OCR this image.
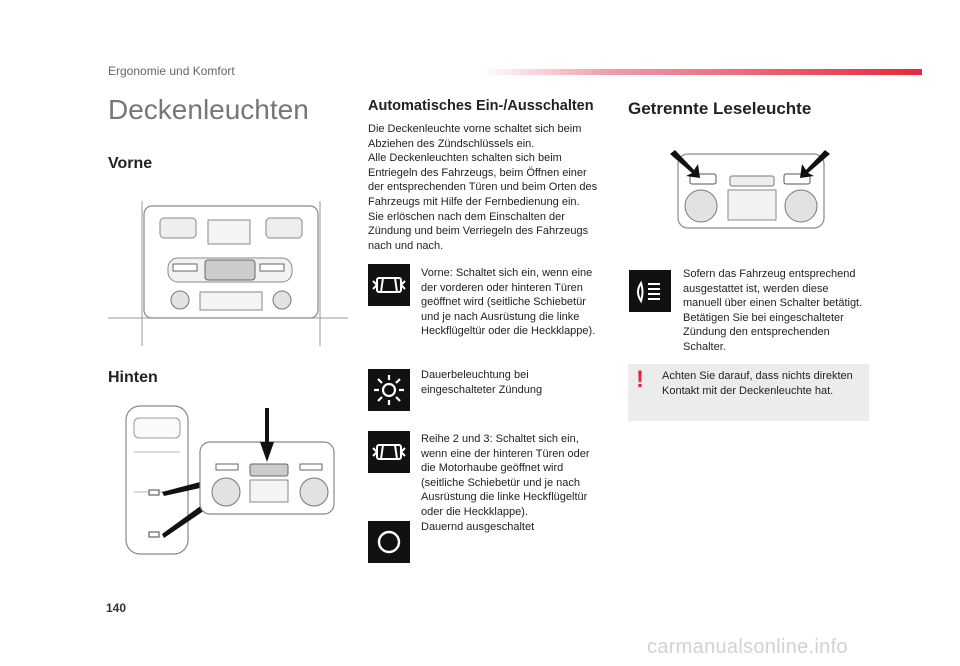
Ergonomie und Komfort
Deckenleuchten
Vorne
Hinten
Automatisches Ein-/Ausschalten
Die Deckenleuchte vorne schaltet sich beim
Abziehen des Zündschlüssels ein.
Alle Deckenleuchten schalten sich beim
Entriegeln des Fahrzeugs, beim Öffnen einer
der entsprechenden Türen und beim Orten des
Fahrzeugs mit Hilfe der Fernbedienung ein.
Sie erlöschen nach dem Einschalten der
Zündung und beim Verriegeln des Fahrzeugs
nach und nach.
Vorne: Schaltet sich ein, wenn eine
der vorderen oder hinteren Türen
geöffnet wird (seitliche Schiebetür
und je nach Ausrüstung die linke
Heckflügeltür oder die Heckklappe).
Dauerbeleuchtung bei
eingeschalteter Zündung
Reihe 2 und 3: Schaltet sich ein,
wenn eine der hinteren Türen oder
die Motorhaube geöffnet wird
(seitliche Schiebetür und je nach
Ausrüstung die linke Heckflügeltür
oder die Heckklappe).
Dauernd ausgeschaltet
Getrennte Leseleuchte
Sofern das Fahrzeug entsprechend
ausgestattet ist, werden diese
manuell über einen Schalter betätigt.
Betätigen Sie bei eingeschalteter
Zündung den entsprechenden
Schalter.
! Achten Sie darauf, dass nichts direkten
Kontakt mit der Deckenleuchte hat.
140
carmanualsonline.info
